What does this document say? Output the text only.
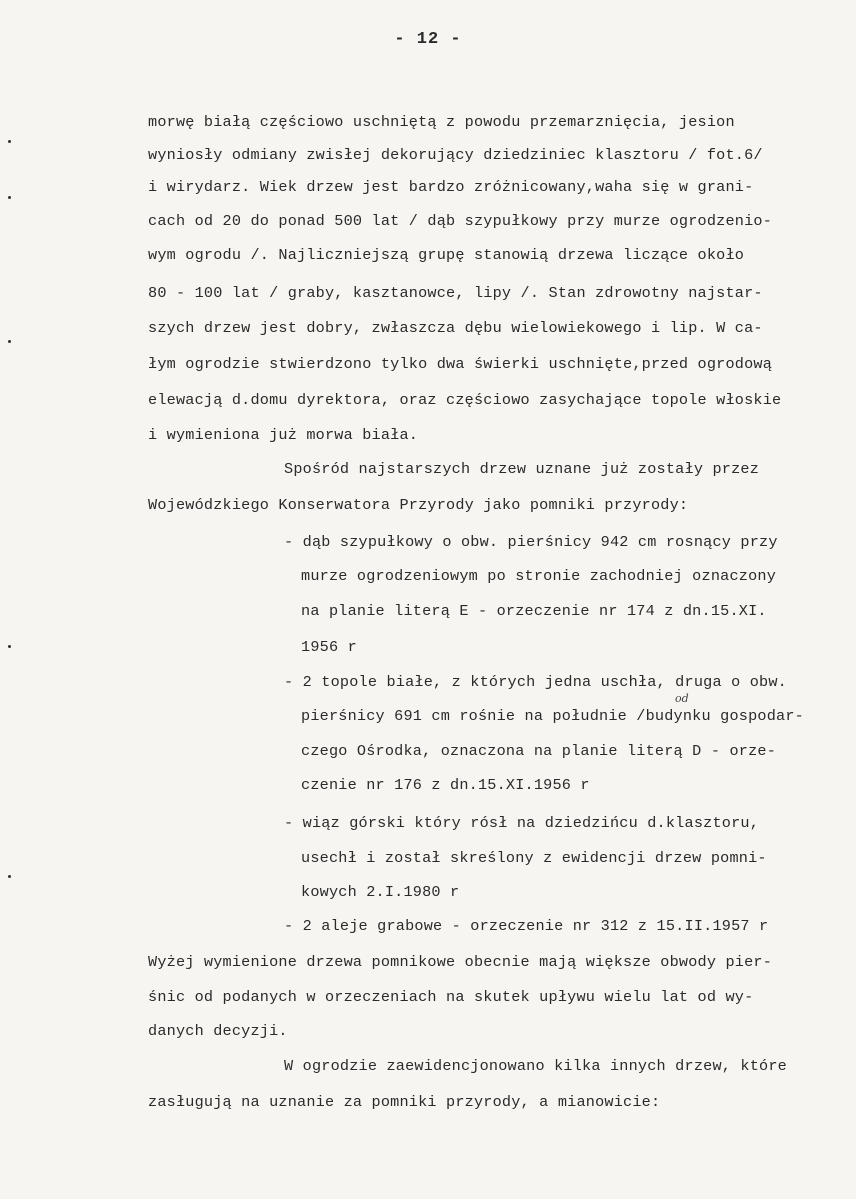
- 12 -
morwę białą częściowo uschniętą z powodu przemarznięcia, jesion
wyniosły odmiany zwisłej dekorujący dziedziniec klasztoru / fot.6/
i wirydarz. Wiek drzew jest bardzo zróżnicowany,waha się w grani-
cach od 20 do ponad 500 lat / dąb szypułkowy przy murze ogrodzenio-
wym ogrodu /. Najliczniejszą grupę stanowią drzewa liczące około
80 - 100 lat / graby, kasztanowce, lipy /. Stan zdrowotny najstar-
szych drzew jest dobry, zwłaszcza dębu wielowiekowego i lip. W ca-
łym ogrodzie stwierdzono tylko dwa świerki uschnięte,przed ogrodową
elewacją d.domu dyrektora, oraz częściowo zasychające topole włoskie
i wymieniona już morwa biała.
Spośród najstarszych drzew uznane już zostały przez
Wojewódzkiego Konserwatora Przyrody jako pomniki przyrody:
- dąb szypułkowy o obw. pierśnicy 942 cm rosnący przy
murze ogrodzeniowym po stronie zachodniej oznaczony
na planie literą E - orzeczenie nr 174 z dn.15.XI.
1956 r
- 2 topole białe, z których jedna uschła, druga o obw.
od
pierśnicy 691 cm rośnie na południe /budynku gospodar-
czego Ośrodka, oznaczona na planie literą D - orze-
czenie nr 176 z dn.15.XI.1956 r
- wiąz górski który rósł na dziedzińcu d.klasztoru,
usechł i został skreślony z ewidencji drzew pomni-
kowych 2.I.1980 r
- 2 aleje grabowe - orzeczenie nr 312 z 15.II.1957 r
Wyżej wymienione drzewa pomnikowe obecnie mają większe obwody pier-
śnic od podanych w orzeczeniach na skutek upływu wielu lat od wy-
danych decyzji.
W ogrodzie zaewidencjonowano kilka innych drzew, które
zasługują na uznanie za pomniki przyrody, a mianowicie:
